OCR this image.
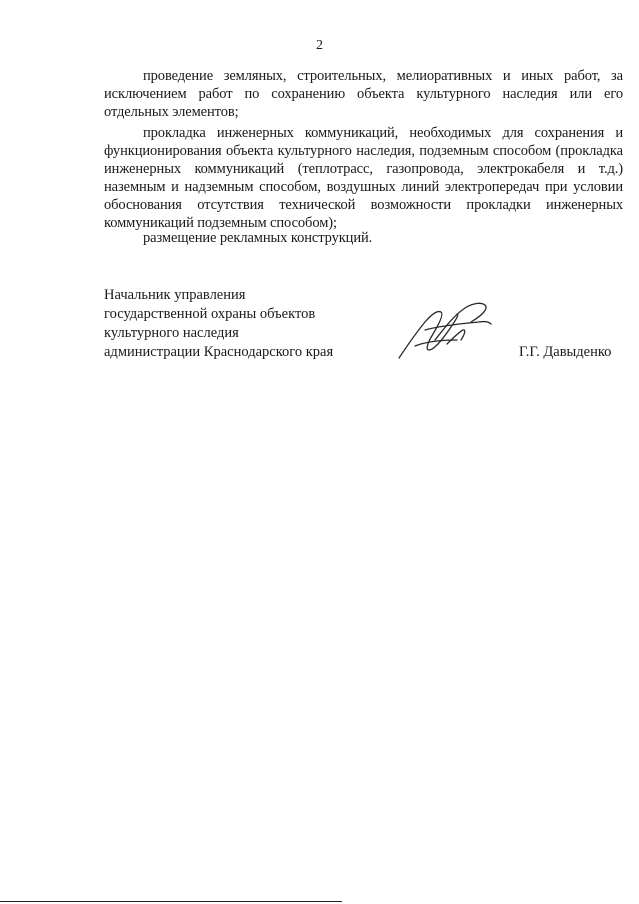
2
проведение земляных, строительных, мелиоративных и иных работ, за исключением работ по сохранению объекта культурного наследия или его отдельных элементов;
прокладка инженерных коммуникаций, необходимых для сохранения и функционирования объекта культурного наследия, подземным способом (прокладка инженерных коммуникаций (теплотрасс, газопровода, электрокабеля и т.д.) наземным и надземным способом, воздушных линий электропередач при условии обоснования отсутствия технической возможности прокладки инженерных коммуникаций подземным способом);
размещение рекламных конструкций.
Начальник управления
государственной охраны объектов
культурного наследия
администрации Краснодарского края	Г.Г. Давыденко
